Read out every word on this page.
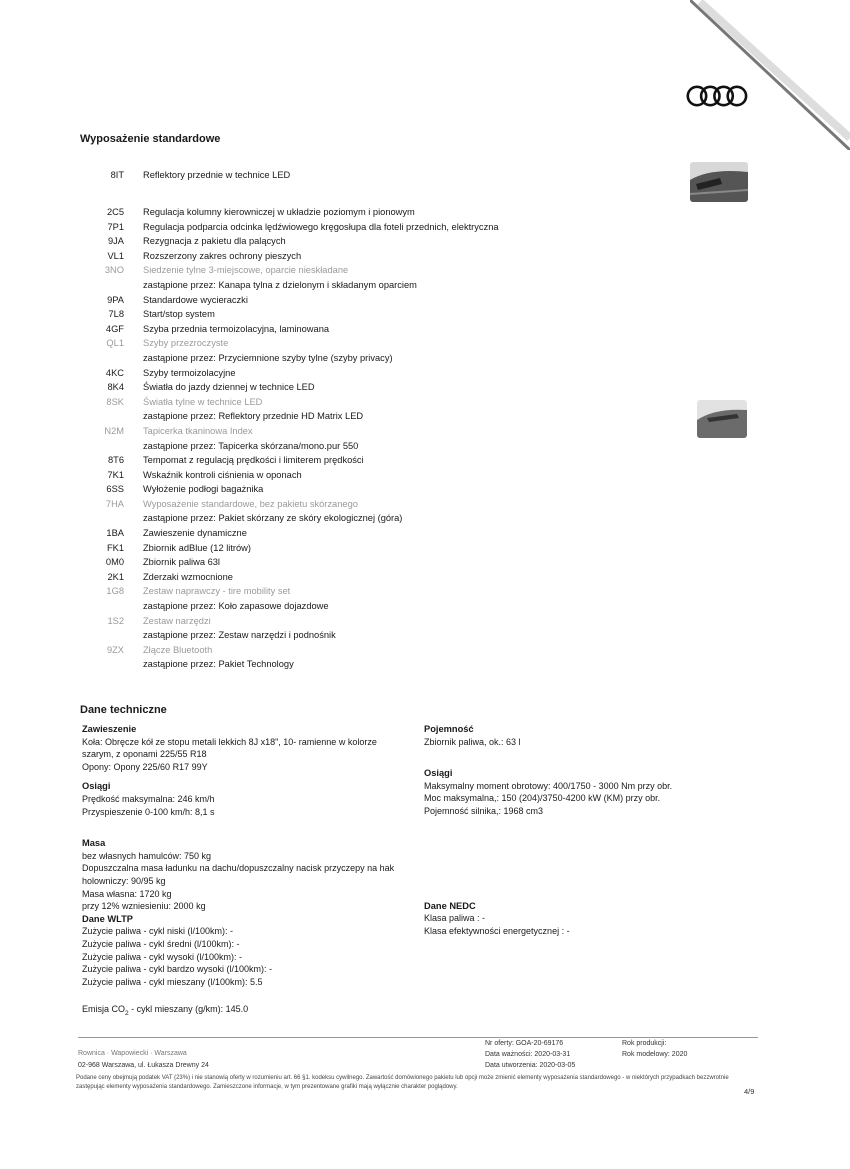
Wyposażenie standardowe
8IT Reflektory przednie w technice LED
2C5 Regulacja kolumny kierowniczej w układzie poziomym i pionowym
7P1 Regulacja podparcia odcinka lędźwiowego kręgosłupa dla foteli przednich, elektryczna
9JA Rezygnacja z pakietu dla palących
VL1 Rozszerzony zakres ochrony pieszych
3NO Siedzenie tylne 3-miejscowe, oparcie nieskładane
zastąpione przez: Kanapa tylna z dzielonym i składanym oparciem
9PA Standardowe wycieraczki
7L8 Start/stop system
4GF Szyba przednia termoizolacyjna, laminowana
QL1 Szyby przezroczyste
zastąpione przez: Przyciemnione szyby tylne (szyby privacy)
4KC Szyby termoizolacyjne
8K4 Światła do jazdy dziennej w technice LED
8SK Światła tylne w technice LED
zastąpione przez: Reflektory przednie HD Matrix LED
N2M Tapicerka tkaninowa Index
zastąpione przez: Tapicerka skórzana/mono.pur 550
8T6 Tempomat z regulacją prędkości i limiterem prędkości
7K1 Wskaźnik kontroli ciśnienia w oponach
6SS Wyłożenie podłogi bagażnika
7HA Wyposażenie standardowe, bez pakietu skórzanego
zastąpione przez: Pakiet skórzany ze skóry ekologicznej (góra)
1BA Zawieszenie dynamiczne
FK1 Zbiornik adBlue (12 litrów)
0M0 Zbiornik paliwa 63l
2K1 Zderzaki wzmocnione
1G8 Zestaw naprawczy - tire mobility set
zastąpione przez: Koło zapasowe dojazdowe
1S2 Zestaw narzędzi
zastąpione przez: Zestaw narzędzi i podnośnik
9ZX Złącze Bluetooth
zastąpione przez: Pakiet Technology
Dane techniczne
Zawieszenie
Koła: Obręcze kół ze stopu metali lekkich 8J x18", 10- ramienne w kolorze
szarym, z oponami 225/55 R18
Opony: Opony 225/60 R17 99Y
Osiągi
Prędkość maksymalna: 246 km/h
Przyspieszenie 0-100 km/h: 8,1 s
Masa
bez własnych hamulców: 750 kg
Dopuszczalna masa ładunku na dachu/dopuszczalny nacisk przyczepy na hak
holowniczy: 90/95 kg
Masa własna: 1720 kg
przy 12% wzniesieniu: 2000 kg
Dane WLTP
Zużycie paliwa - cykl niski (l/100km): -
Zużycie paliwa - cykl średni (l/100km): -
Zużycie paliwa - cykl wysoki (l/100km): -
Zużycie paliwa - cykl bardzo wysoki (l/100km): -
Zużycie paliwa - cykl mieszany (l/100km): 5.5
Emisja $CO_2$ - cykl mieszany (g/km): 145.0
Pojemność
Zbiornik paliwa, ok.: 63 l
Osiągi
Maksymalny moment obrotowy: 400/1750 - 3000 Nm przy obr.
Moc maksymalna,: 150 (204)/3750-4200 kW (KM) przy obr.
Pojemność silnika,: 1968 cm3
Dane NEDC
Klasa paliwa : -
Klasa efektywności energetycznej : -
Rownica · Wapowiecki · Warszawa
02-968 Warszawa, ul. Łukasza Drewny 24
Nr oferty: GOA-20-69176
Data ważności: 2020-03-31
Data utworzenia: 2020-03-05
Rok produkcji:
Rok modelowy: 2020
Podane ceny obejmują podatek VAT (23%) i nie stanowią oferty w rozumieniu art. 66 §1. kodeksu cywilnego. Zawartość domówionego pakietu lub opcji może zmienić elementy wyposażenia standardowego - w niektórych przypadkach bezzwrotnie zastępując elementy wyposażenia standardowego. Zamieszczone informacje, w tym prezentowane grafiki mają wyłącznie charakter poglądowy.	4/9
